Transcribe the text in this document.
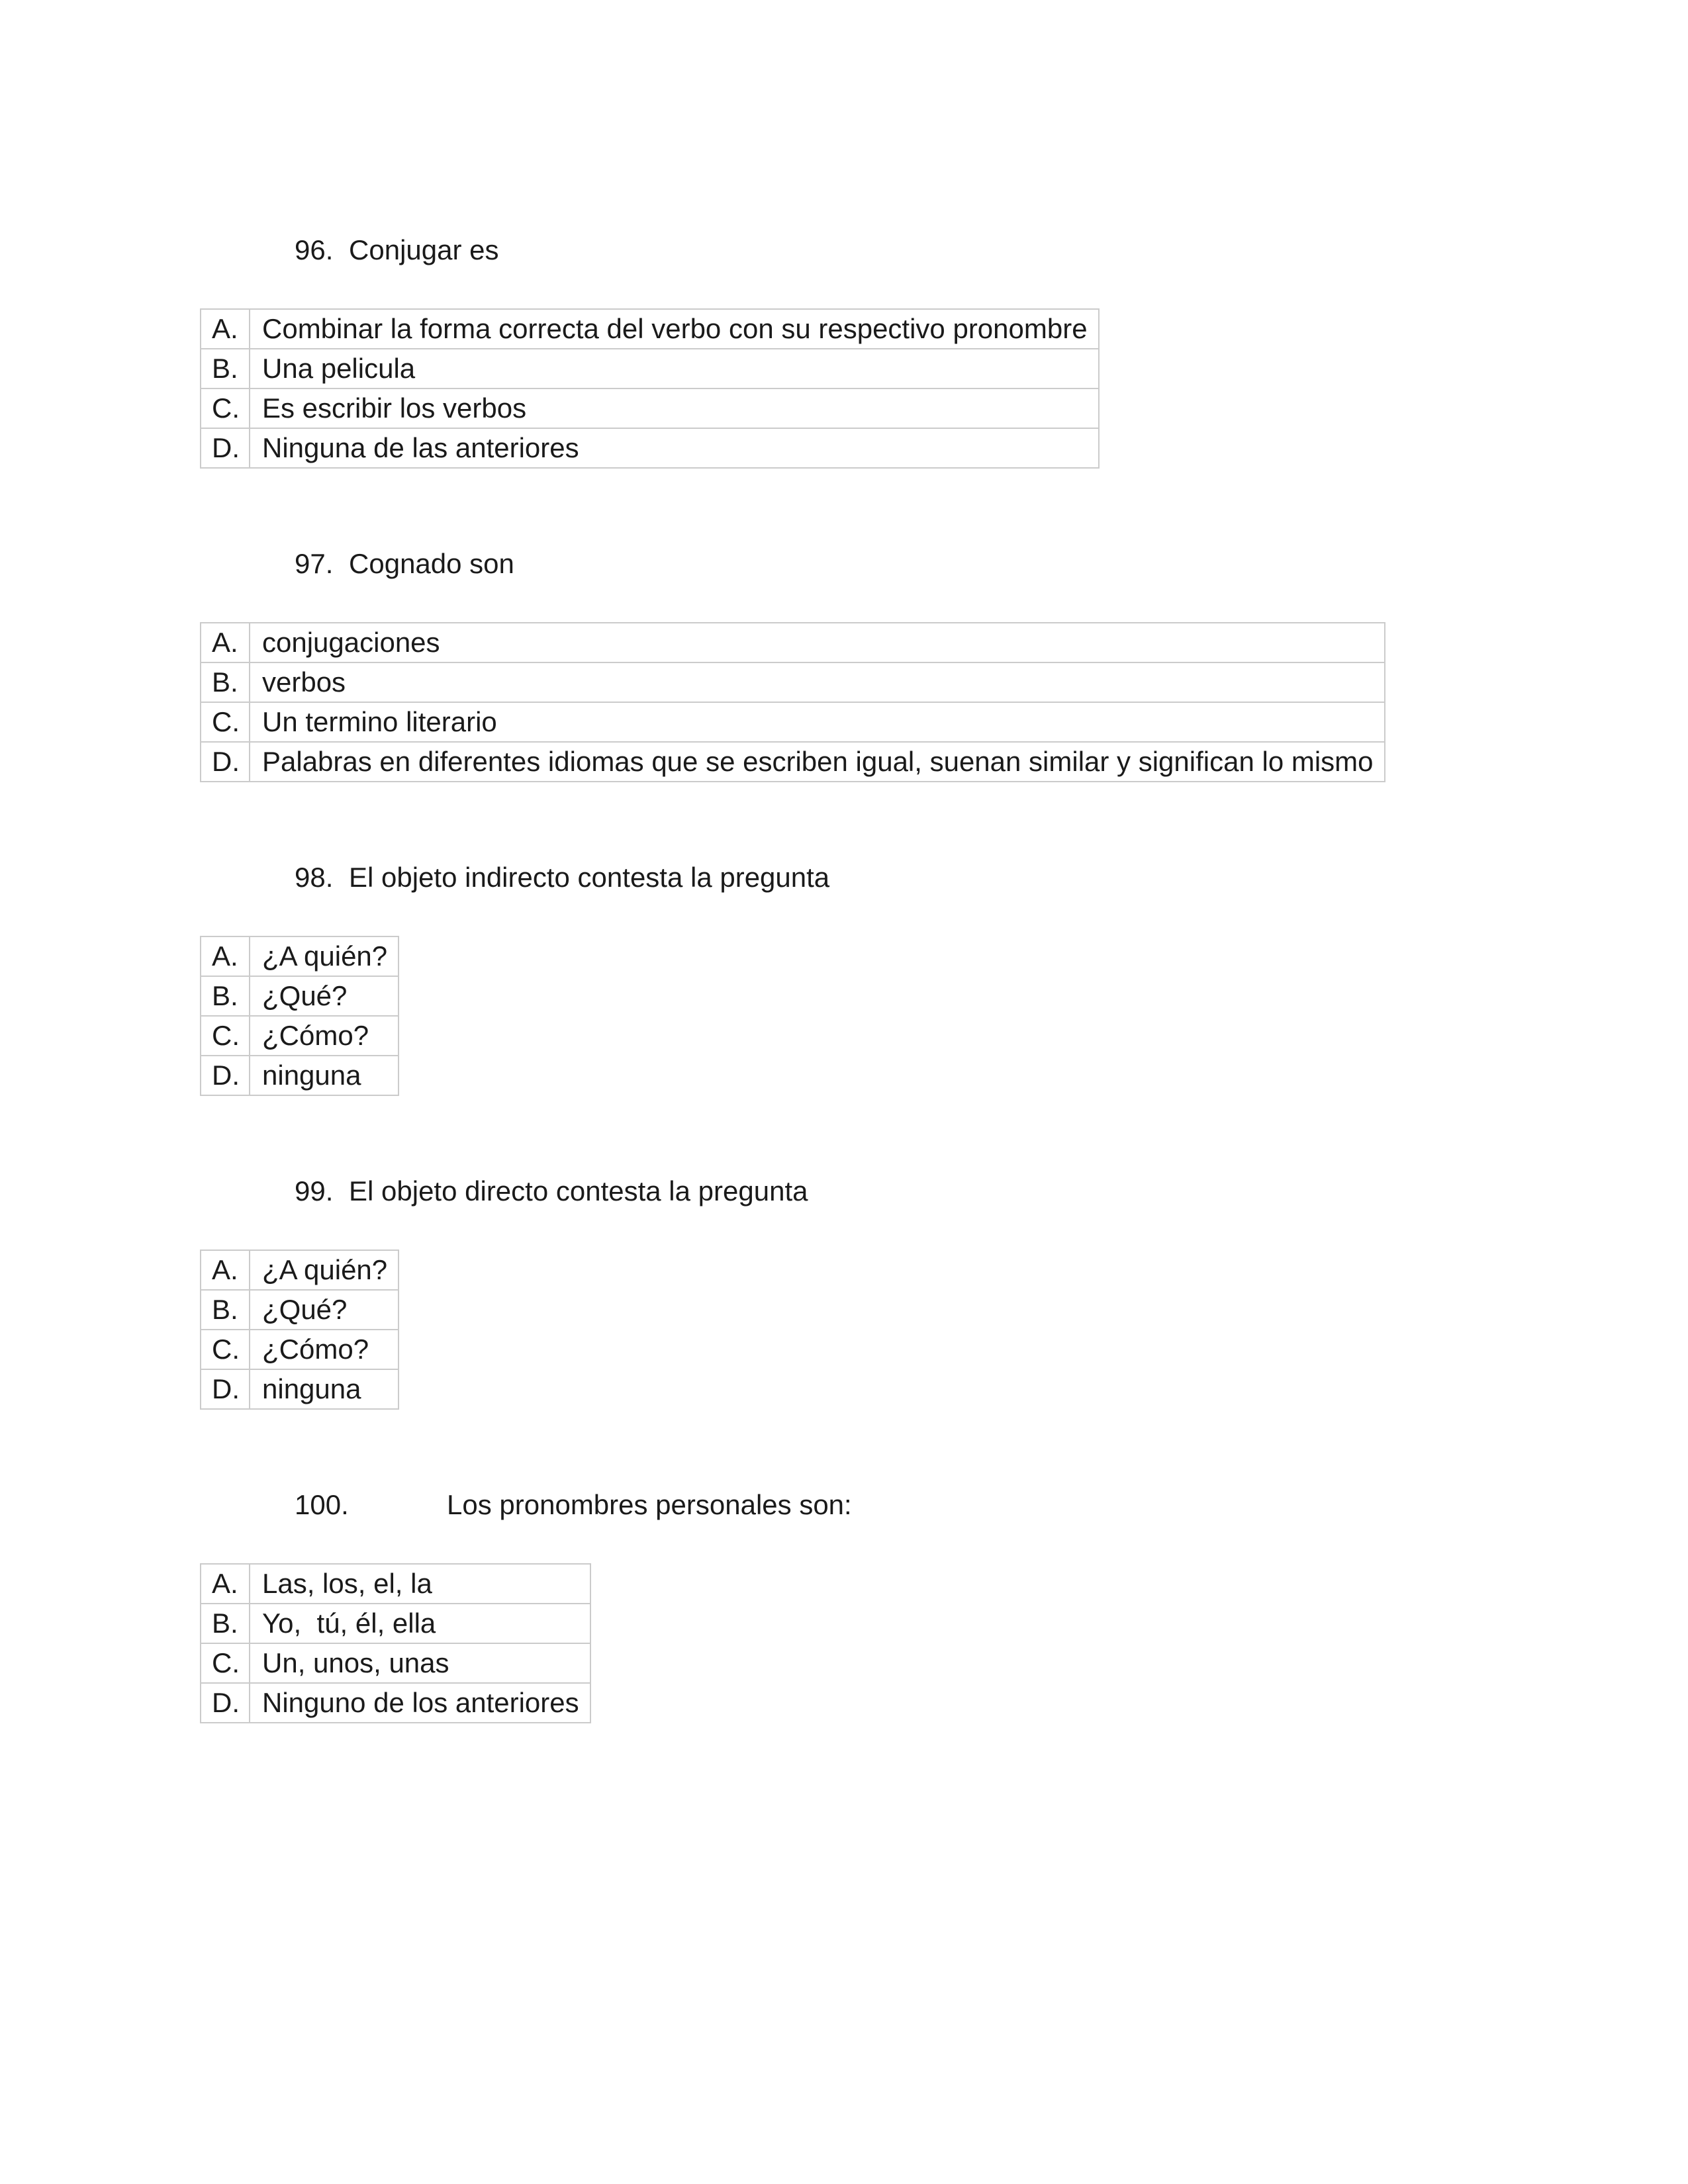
96. Conjugar es

A.	Combinar la forma correcta del verbo con su respectivo pronombre
B.	Una pelicula
C.	Es escribir los verbos
D.	Ninguna de las anteriores

97. Cognado son

A.	conjugaciones
B.	verbos
C.	Un termino literario
D.	Palabras en diferentes idiomas que se escriben igual, suenan similar y significan lo mismo

98. El objeto indirecto contesta la pregunta

A.	¿A quién?
B.	¿Qué?
C.	¿Cómo?
D.	ninguna

99. El objeto directo contesta la pregunta

A.	¿A quién?
B.	¿Qué?
C.	¿Cómo?
D.	ninguna

100.	Los pronombres personales son:

A.	Las, los, el, la
B.	Yo,  tú, él, ella
C.	Un, unos, unas
D.	Ninguno de los anteriores
